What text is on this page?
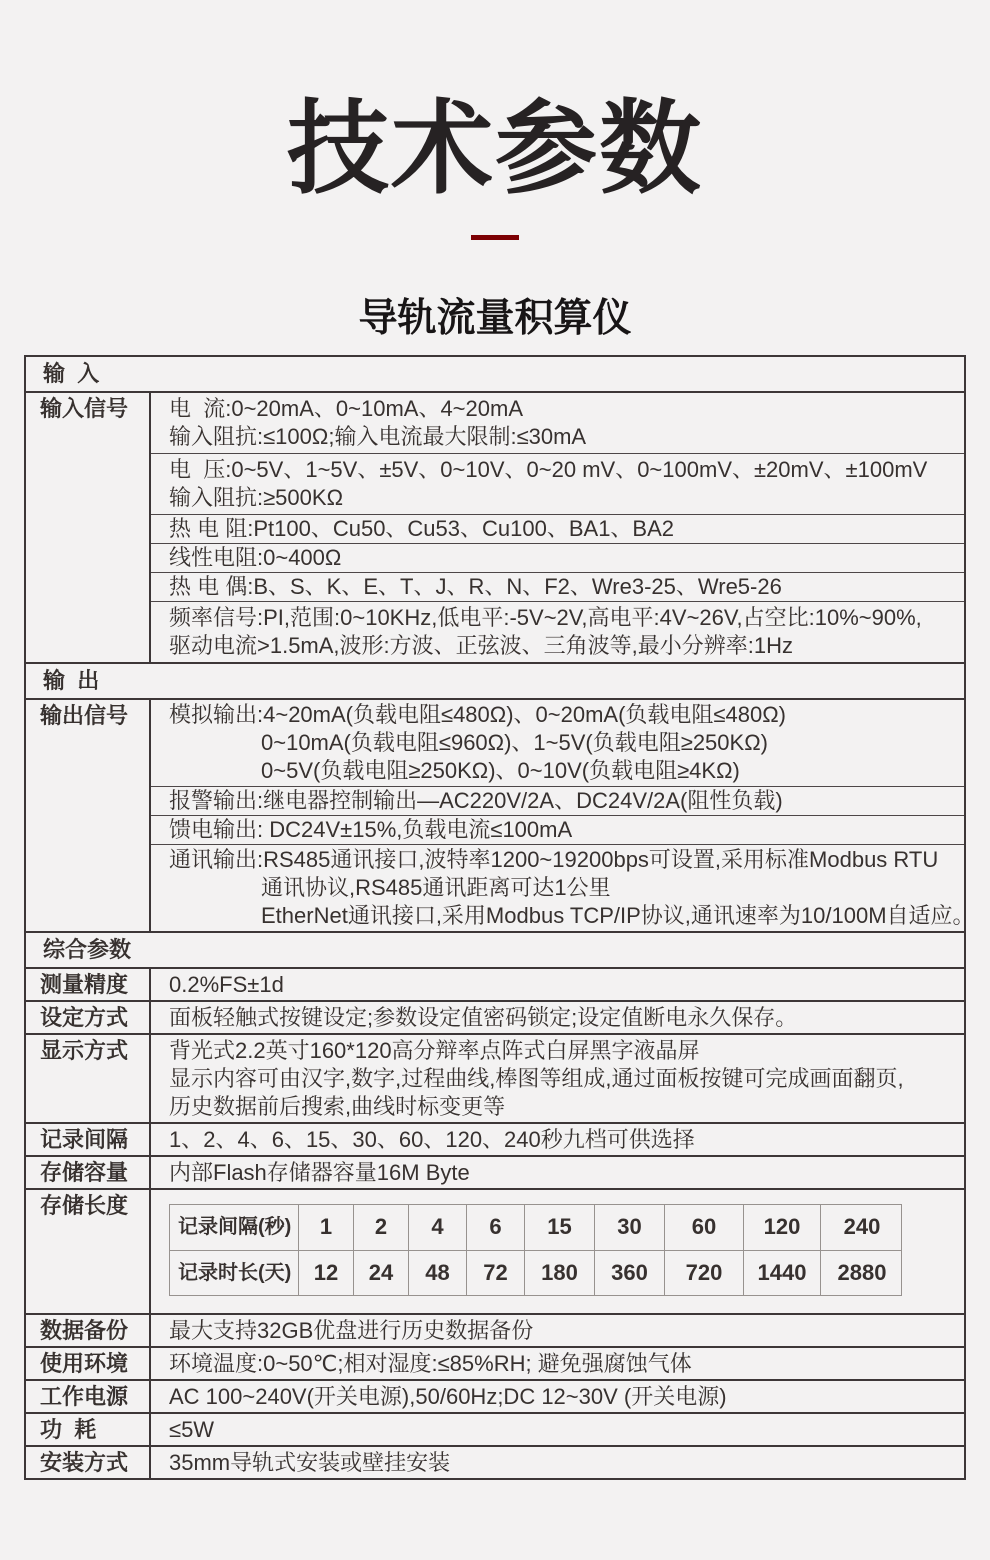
技术参数
导轨流量积算仪
输  入
输入信号	电  流:0~20mA、0~10mA、4~20mA
输入阻抗:≤100Ω;输入电流最大限制:≤30mA
电  压:0~5V、1~5V、±5V、0~10V、0~20 mV、0~100mV、±20mV、±100mV
输入阻抗:≥500KΩ
热 电 阻:Pt100、Cu50、Cu53、Cu100、BA1、BA2
线性电阻:0~400Ω
热 电 偶:B、S、K、E、T、J、R、N、F2、Wre3-25、Wre5-26
频率信号:PI,范围:0~10KHz,低电平:-5V~2V,高电平:4V~26V,占空比:10%~90%,
驱动电流>1.5mA,波形:方波、正弦波、三角波等,最小分辨率:1Hz
输  出
输出信号	模拟输出:4~20mA(负载电阻≤480Ω)、0~20mA(负载电阻≤480Ω)
0~10mA(负载电阻≤960Ω)、1~5V(负载电阻≥250KΩ)
0~5V(负载电阻≥250KΩ)、0~10V(负载电阻≥4KΩ)
报警输出:继电器控制输出—AC220V/2A、DC24V/2A(阻性负载)
馈电输出: DC24V±15%,负载电流≤100mA
通讯输出:RS485通讯接口,波特率1200~19200bps可设置,采用标准Modbus RTU
通讯协议,RS485通讯距离可达1公里
EtherNet通讯接口,采用Modbus TCP/IP协议,通讯速率为10/100M自适应。
综合参数
测量精度	0.2%FS±1d
设定方式	面板轻触式按键设定;参数设定值密码锁定;设定值断电永久保存。
显示方式	背光式2.2英寸160*120高分辩率点阵式白屏黑字液晶屏
显示内容可由汉字,数字,过程曲线,棒图等组成,通过面板按键可完成画面翻页,
历史数据前后搜索,曲线时标变更等
记录间隔	1、2、4、6、15、30、60、120、240秒九档可供选择
存储容量	内部Flash存储器容量16M Byte
存储长度
记录间隔(秒)	1	2	4	6	15	30	60	120	240
记录时长(天)	12	24	48	72	180	360	720	1440	2880
数据备份	最大支持32GB优盘进行历史数据备份
使用环境	环境温度:0~50℃;相对湿度:≤85%RH; 避免强腐蚀气体
工作电源	AC 100~240V(开关电源),50/60Hz;DC 12~30V (开关电源)
功  耗	≤5W
安装方式	35mm导轨式安装或壁挂安装
